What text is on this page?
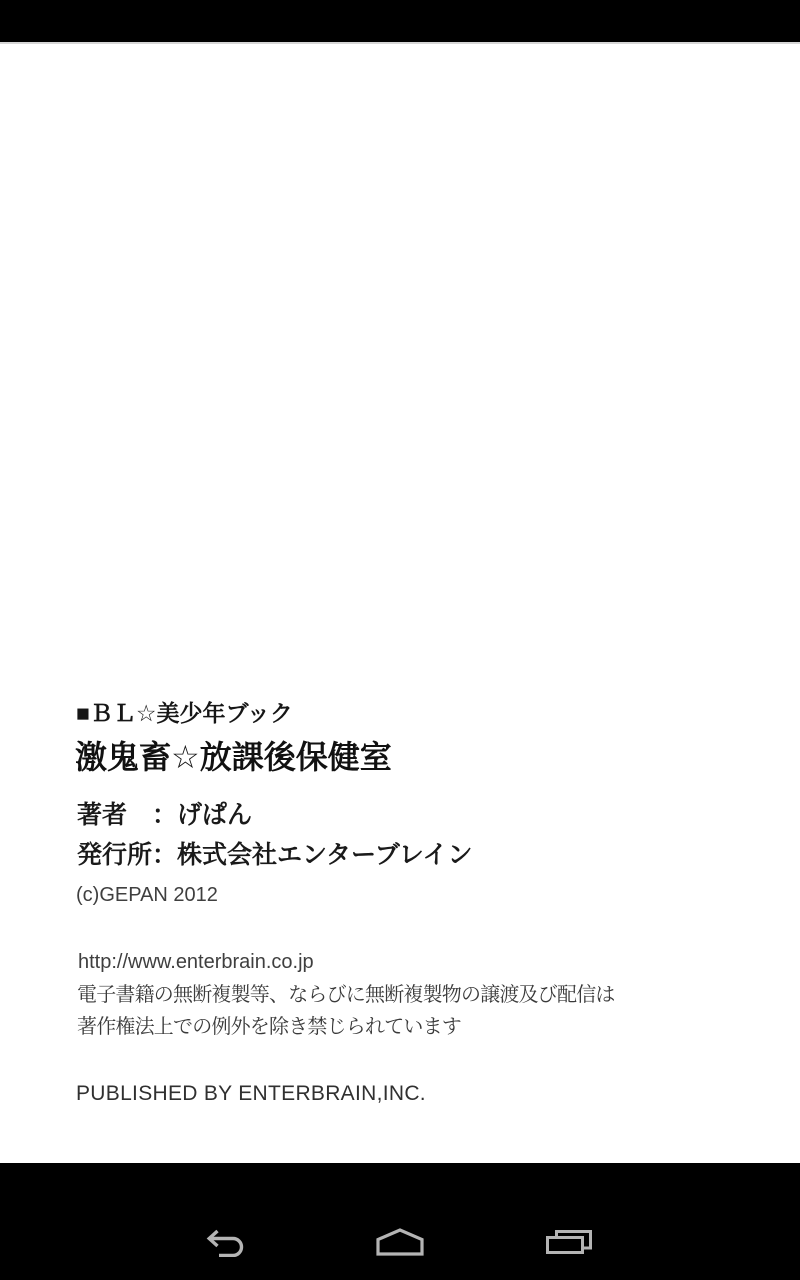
■ＢＬ☆美少年ブック
激鬼畜☆放課後保健室
著者　：げぱん
発行所：株式会社エンターブレイン
(c)GEPAN 2012
http://www.enterbrain.co.jp
電子書籍の無断複製等、ならびに無断複製物の譲渡及び配信は
著作権法上での例外を除き禁じられています
PUBLISHED BY ENTERBRAIN,INC.
